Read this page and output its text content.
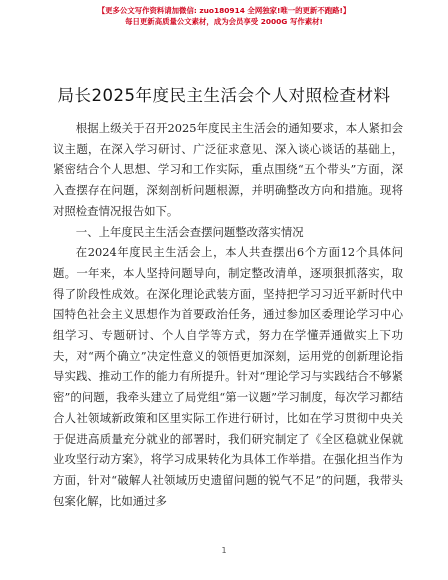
【更多公文写作资料请加微信: zuo180914 全网独家!唯一的更新不跑路!】
每日更新高质量公文素材，成为会员享受 2000G 写作素材!
局长2025年度民主生活会个人对照检查材料

根据上级关于召开2025年度民主生活会的通知要求，本人紧扣会议主题，在深入学习研讨、广泛征求意见、深入谈心谈话的基础上，紧密结合个人思想、学习和工作实际，重点围绕“五个带头”方面，深入查摆存在问题，深刻剖析问题根源，并明确整改方向和措施。现将对照检查情况报告如下。

一、上年度民主生活会查摆问题整改落实情况

在2024年度民主生活会上，本人共查摆出6个方面12个具体问题。一年来，本人坚持问题导向，制定整改清单，逐项狠抓落实，取得了阶段性成效。在深化理论武装方面，坚持把学习习近平新时代中国特色社会主义思想作为首要政治任务，通过参加区委理论学习中心组学习、专题研讨、个人自学等方式，努力在学懂弄通做实上下功夫，对“两个确立”决定性意义的领悟更加深刻，运用党的创新理论指导实践、推动工作的能力有所提升。针对“理论学习与实践结合不够紧密”的问题，我牵头建立了局党组“第一议题”学习制度，每次学习都结合人社领域新政策和区里实际工作进行研讨，比如在学习贯彻中央关于促进高质量充分就业的部署时，我们研究制定了《全区稳就业保就业攻坚行动方案》，将学习成果转化为具体工作举措。在强化担当作为方面，针对“破解人社领域历史遗留问题的锐气不足”的问题，我带头包案化解，比如通过多

1
